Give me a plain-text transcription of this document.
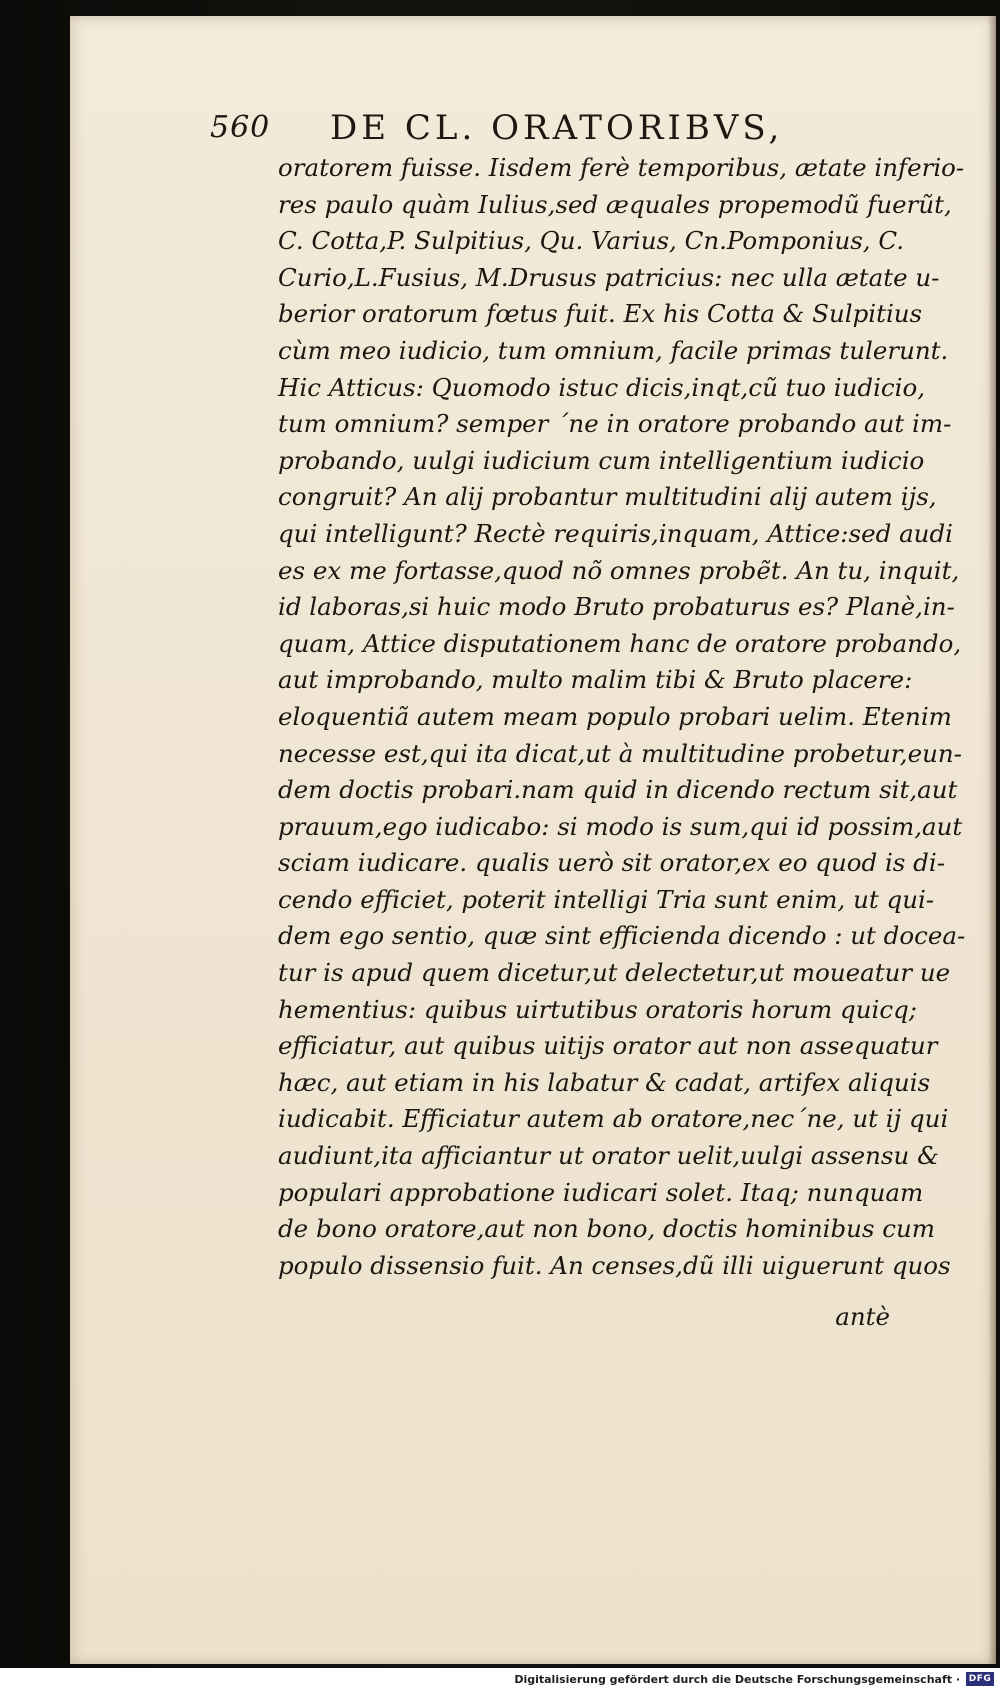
560 DE CL. ORATORIBVS,
oratorem fuisse. Iisdem ferè temporibus, ætate inferio-
res paulo quàm Iulius,sed æquales propemodũ fuerũt,
C. Cotta,P. Sulpitius, Qu. Varius, Cn.Pomponius, C.
Curio,L.Fusius, M.Drusus patricius: nec ulla ætate u-
berior oratorum fœtus fuit. Ex his Cotta & Sulpitius
cùm meo iudicio, tum omnium, facile primas tulerunt.
Hic Atticus: Quomodo istuc dicis,inqt,cũ tuo iudicio,
tum omnium? semper ´ne in oratore probando aut im-
probando, uulgi iudicium cum intelligentium iudicio
congruit? An alij probantur multitudini alij autem ijs,
qui intelligunt? Rectè requiris,inquam, Attice:sed audi
es ex me fortasse,quod nõ omnes probẽt. An tu, inquit,
id laboras,si huic modo Bruto probaturus es? Planè,in-
quam, Attice disputationem hanc de oratore probando,
aut improbando, multo malim tibi & Bruto placere:
eloquentiã autem meam populo probari uelim. Etenim
necesse est,qui ita dicat,ut à multitudine probetur,eun-
dem doctis probari.nam quid in dicendo rectum sit,aut
prauum,ego iudicabo: si modo is sum,qui id possim,aut
sciam iudicare. qualis uerò sit orator,ex eo quod is di-
cendo efficiet, poterit intelligi Tria sunt enim, ut qui-
dem ego sentio, quæ sint efficienda dicendo : ut doceа-
tur is apud quem dicetur,ut delectetur,ut moueatur ue
hementius: quibus uirtutibus oratoris horum quicq;
efficiatur, aut quibus uitijs orator aut non assequatur
hæc, aut etiam in his labatur & cadat, artifex aliquis
iudicabit. Efficiatur autem ab oratore,nec´ne, ut ij qui
audiunt,ita afficiantur ut orator uelit,uulgi assensu &
populari approbatione iudicari solet. Itaq; nunquam
de bono oratore,aut non bono, doctis hominibus cum
populo dissensio fuit. An censes,dũ illi uiguerunt quos
antè
Digitalisierung gefördert durch die Deutsche Forschungsgemeinschaft · DFG
